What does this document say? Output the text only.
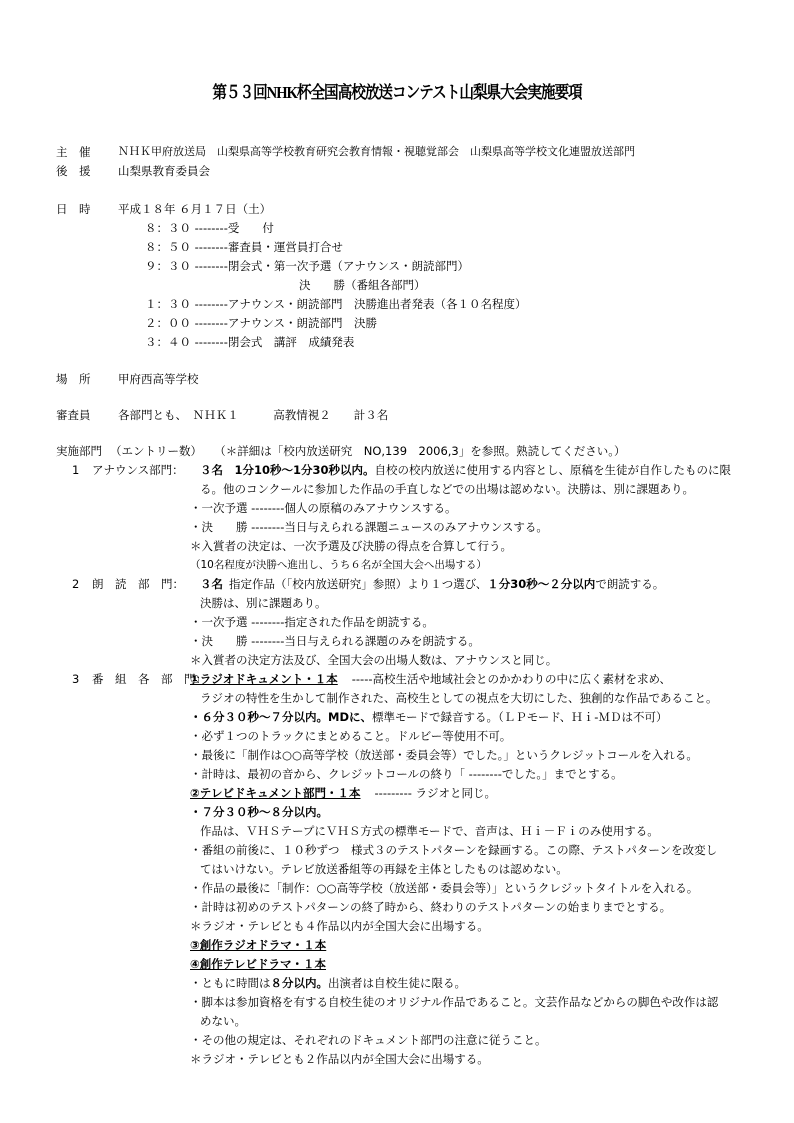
第５３回NHK杯全国高校放送コンテスト山梨県大会実施要項
主　催	ＮＨＫ甲府放送局　山梨県高等学校教育研究会教育情報・視聴覚部会　山梨県高等学校文化連盟放送部門
後　援 山梨県教育委員会
日　時 平成１８年 ６月１７日（土）
８：３０ --------受　　付
８：５０ --------審査員・運営員打合せ
９：３０ --------閉会式・第一次予選（アナウンス・朗読部門）
決　　勝（番組各部門）
１：３０ --------アナウンス・朗読部門　決勝進出者発表（各１０名程度）
２：００ --------アナウンス・朗読部門　決勝
３：４０ --------閉会式　講評　成績発表
場　所 甲府西高等学校
審査員 各部門とも、　ＮＨＫ１　　　高教情視２　　計３名
実施部門 （エントリー数） （＊詳細は「校内放送研究　NO,139　2006,3」を参照。熟読してください。）
1 アナウンス部門： ３名　1分10秒～1分30秒以内。自校の校内放送に使用する内容とし、原稿を生徒が自作したものに限
る。他のコンクールに参加した作品の手直しなどでの出場は認めない。決勝は、別に課題あり。
・一次予選 --------個人の原稿のみアナウンスする。
・決　　勝 --------当日与えられる課題ニュースのみアナウンスする。
＊入賞者の決定は、一次予選及び決勝の得点を合算して行う。
（10名程度が決勝へ進出し、うち６名が全国大会へ出場する）
2 朗　読　部　門： ３名 指定作品（「校内放送研究」参照）より１つ選び、１分30秒～２分以内で朗読する。
決勝は、別に課題あり。
・一次予選 --------指定された作品を朗読する。
・決　　勝 --------当日与えられる課題のみを朗読する。
＊入賞者の決定方法及び、全国大会の出場人数は、アナウンスと同じ。
3 番　組　各　部　門：
①ラジオドキュメント・１本 -----高校生活や地域社会とのかかわりの中に広く素材を求め、
ラジオの特性を生かして制作された、高校生としての視点を大切にした、独創的な作品であること。
・６分３０秒～７分以内。MDに、標準モードで録音する。（ＬＰモード、Ｈｉ-ＭＤは不可）
・必ず１つのトラックにまとめること。ドルビー等使用不可。
・最後に「制作は○○高等学校（放送部・委員会等）でした。」というクレジットコールを入れる。
・計時は、最初の音から、クレジットコールの終り「 --------でした。」までとする。
②テレビドキュメント部門・１本 --------- ラジオと同じ。
・７分３０秒～８分以内。
作品は、ＶＨＳテープにＶＨＳ方式の標準モードで、音声は、Ｈｉ－Ｆｉのみ使用する。
・番組の前後に、１０秒ずつ　様式３のテストパターンを録画する。この際、テストパターンを改変し
てはいけない。テレビ放送番組等の再録を主体としたものは認めない。
・作品の最後に「制作：○○高等学校（放送部・委員会等）」というクレジットタイトルを入れる。
・計時は初めのテストパターンの終了時から、終わりのテストパターンの始まりまでとする。
＊ラジオ・テレビとも４作品以内が全国大会に出場する。
③創作ラジオドラマ・１本
④創作テレビドラマ・１本
・ともに時間は８分以内。出演者は自校生徒に限る。
・脚本は参加資格を有する自校生徒のオリジナル作品であること。文芸作品などからの脚色や改作は認
めない。
・その他の規定は、それぞれのドキュメント部門の注意に従うこと。
＊ラジオ・テレビとも２作品以内が全国大会に出場する。
